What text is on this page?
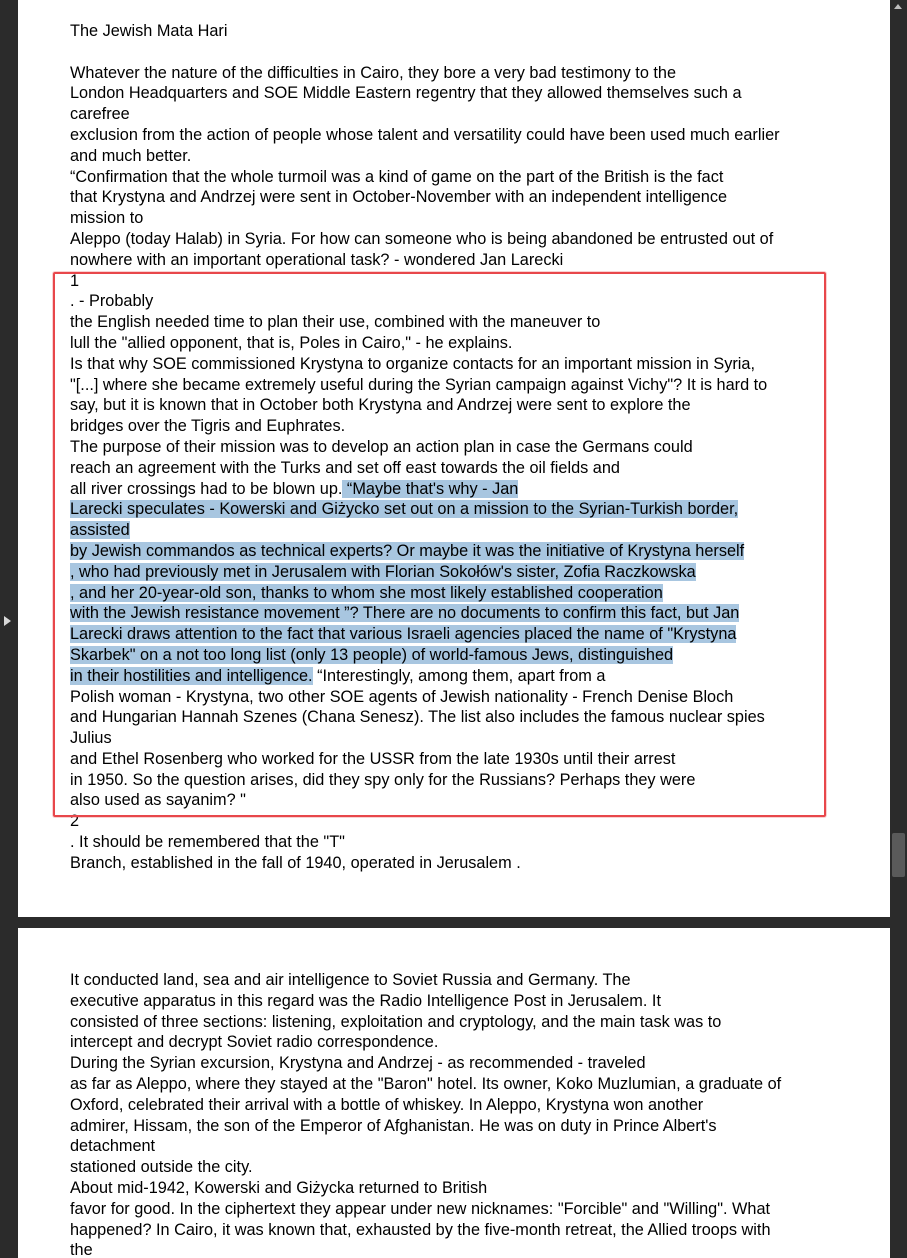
The Jewish Mata Hari
Whatever the nature of the difficulties in Cairo, they bore a very bad testimony to the
London Headquarters and SOE Middle Eastern regentry that they allowed themselves such a
carefree
exclusion from the action of people whose talent and versatility could have been used much earlier
and much better.
“Confirmation that the whole turmoil was a kind of game on the part of the British is the fact
that Krystyna and Andrzej were sent in October-November with an independent intelligence
mission to
Aleppo (today Halab) in Syria. For how can someone who is being abandoned be entrusted out of
nowhere with an important operational task? - wondered Jan Larecki
1
. - Probably
the English needed time to plan their use, combined with the maneuver to
lull the "allied opponent, that is, Poles in Cairo," - he explains.
Is that why SOE commissioned Krystyna to organize contacts for an important mission in Syria,
"[...] where she became extremely useful during the Syrian campaign against Vichy"? It is hard to
say, but it is known that in October both Krystyna and Andrzej were sent to explore the
bridges over the Tigris and Euphrates.
The purpose of their mission was to develop an action plan in case the Germans could
reach an agreement with the Turks and set off east towards the oil fields and
all river crossings had to be blown up. “Maybe that's why - Jan
Larecki speculates - Kowerski and Giżycko set out on a mission to the Syrian-Turkish border,
assisted
by Jewish commandos as technical experts? Or maybe it was the initiative of Krystyna herself
, who had previously met in Jerusalem with Florian Sokołów's sister, Zofia Raczkowska
, and her 20-year-old son, thanks to whom she most likely established cooperation
with the Jewish resistance movement ”? There are no documents to confirm this fact, but Jan
Larecki draws attention to the fact that various Israeli agencies placed the name of "Krystyna
Skarbek" on a not too long list (only 13 people) of world-famous Jews, distinguished
in their hostilities and intelligence. “Interestingly, among them, apart from a
Polish woman - Krystyna, two other SOE agents of Jewish nationality - French Denise Bloch
and Hungarian Hannah Szenes (Chana Senesz). The list also includes the famous nuclear spies
Julius
and Ethel Rosenberg who worked for the USSR from the late 1930s until their arrest
in 1950. So the question arises, did they spy only for the Russians? Perhaps they were
also used as sayanim? "
2
. It should be remembered that the "T"
Branch, established in the fall of 1940, operated in Jerusalem .
It conducted land, sea and air intelligence to Soviet Russia and Germany. The
executive apparatus in this regard was the Radio Intelligence Post in Jerusalem. It
consisted of three sections: listening, exploitation and cryptology, and the main task was to
intercept and decrypt Soviet radio correspondence.
During the Syrian excursion, Krystyna and Andrzej - as recommended - traveled
as far as Aleppo, where they stayed at the "Baron" hotel. Its owner, Koko Muzlumian, a graduate of
Oxford, celebrated their arrival with a bottle of whiskey. In Aleppo, Krystyna won another
admirer, Hissam, the son of the Emperor of Afghanistan. He was on duty in Prince Albert's
detachment
stationed outside the city.
About mid-1942, Kowerski and Giżycka returned to British
favor for good. In the ciphertext they appear under new nicknames: "Forcible" and "Willing". What
happened? In Cairo, it was known that, exhausted by the five-month retreat, the Allied troops with
the
